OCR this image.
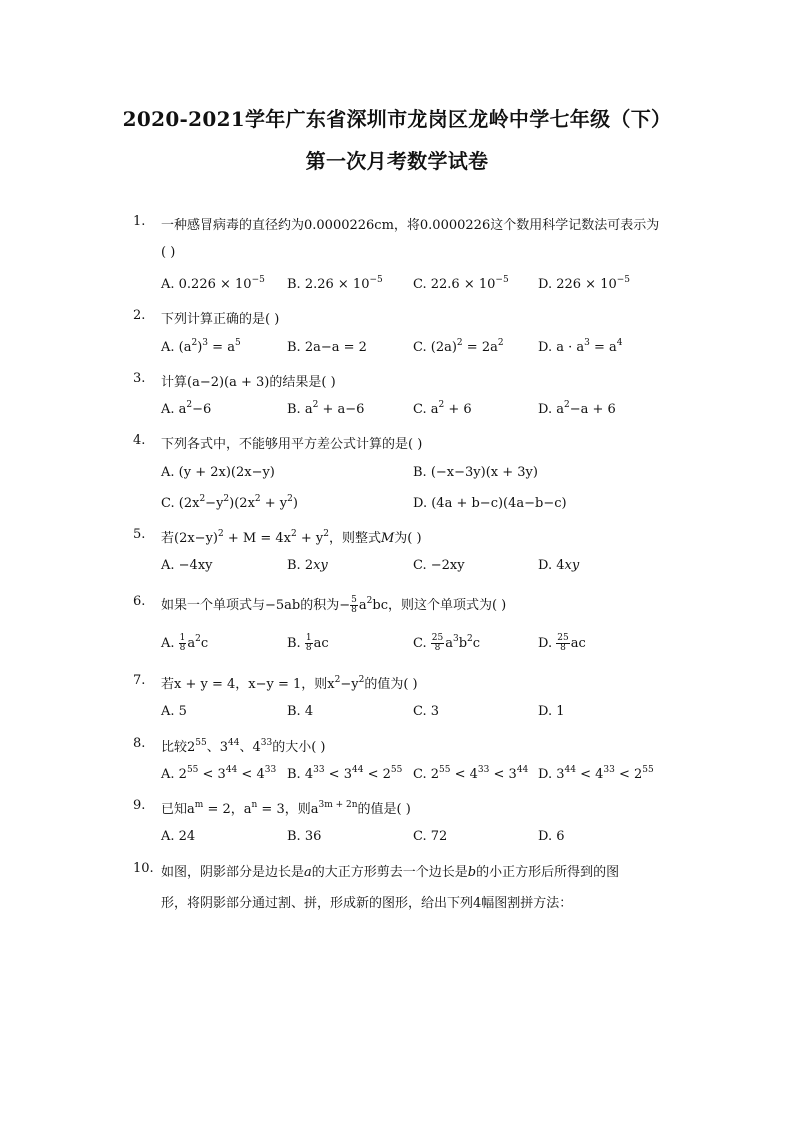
2020-2021学年广东省深圳市龙岗区龙岭中学七年级（下）
第一次月考数学试卷
1.	一种感冒病毒的直径约为0.0000226cm，将0.0000226这个数用科学记数法可表示为
( )
A. $0.226 \times 10^{-5}$ B. $2.26 \times 10^{-5}$ C. $22.6 \times 10^{-5}$ D. $226 \times 10^{-5}$
2.	下列计算正确的是( )
A. $(a^2)^3 = a^5$	B. 2a−a = 2	C. $(2a)^2 = 2a^2$	D. $a \cdot a^3 = a^4$
3.	计算(a−2)(a + 3)的结果是( )
A. $a^2-6$	B. $a^2 + a-6$	C. $a^2 + 6$	D. $a^2-a + 6$
4.	下列各式中，不能够用平方差公式计算的是( )
A. (y + 2x)(2x−y)	B. (−x−3y)(x + 3y)
C. $(2x^2-y^2)(2x^2 + y^2)$	D. (4a + b−c)(4a−b−c)
5.	若$(2x-y)^2 + M = 4x^2 + y^2$，则整式M为( )
A. −4xy	B. 2xy	C. −2xy	D. 4xy
6.	如果一个单项式与−5ab的积为− $\frac{5}{8} a^2bc$，则这个单项式为( )
A. $\frac{1}{8} a^2c$	B. $\frac{1}{8}$ ac	C. $\frac{25}{8} a^3b^2c$	D. $\frac{25}{8}$ ac
7.	若x + y = 4，x−y = 1，则$x^2-y^2$的值为( )
A. 5	B. 4	C. 3	D. 1
8.	比较$2^{55}$、$3^{44}$、$4^{33}$的大小( )
A. $2^{55} < 3^{44} < 4^{33}$ B. $4^{33} < 3^{44} < 2^{55}$ C. $2^{55} < 4^{33} < 3^{44}$ D. $3^{44} < 4^{33} < 2^{55}$
9.	已知$a^m = 2$，$a^n = 3$，则$a^{3m + 2n}$的值是( )
A. 24	B. 36	C. 72	D. 6
10. 如图，阴影部分是边长是a的大正方形剪去一个边长是b的小正方形后所得到的图
形，将阴影部分通过割、拼，形成新的图形，给出下列4幅图割拼方法：
